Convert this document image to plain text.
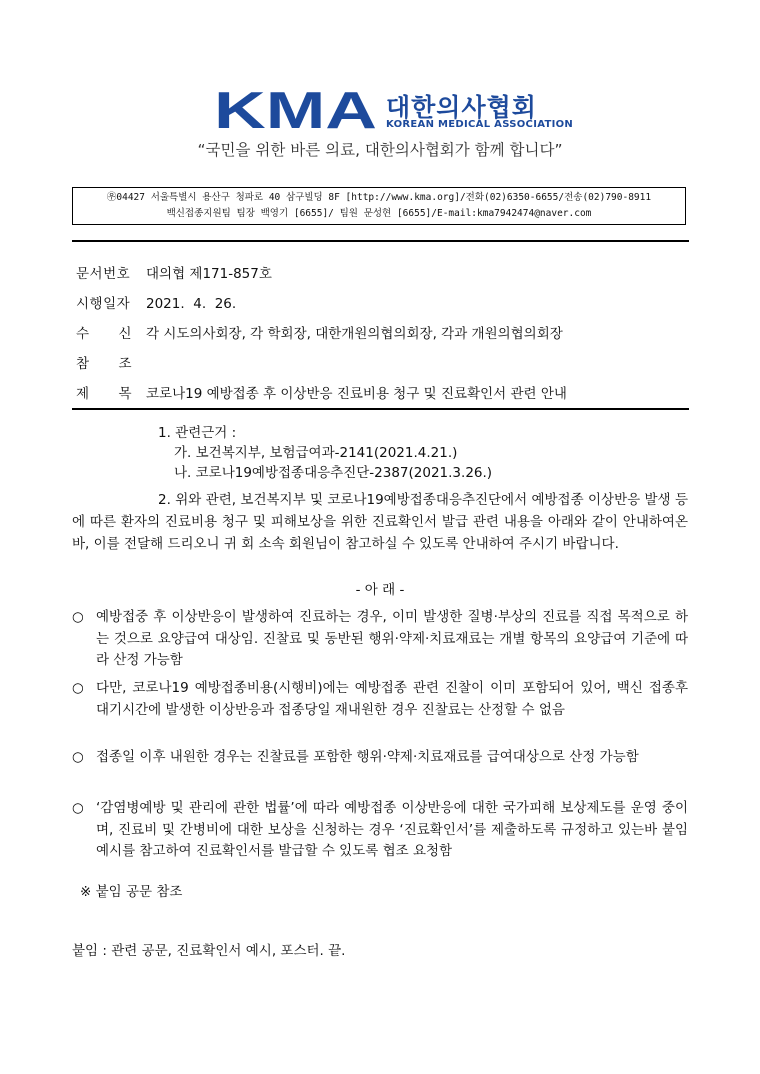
KMA 대한의사협회
KOREAN MEDICAL ASSOCIATION
“국민을 위한 바른 의료, 대한의사협회가 함께 합니다”
㉾04427 서울특별시 용산구 청파로 40 삼구빌딩 8F [http://www.kma.org]/전화(02)6350-6655/전송(02)790-8911
백신접종지원팀 팀장 백영기 [6655]/ 팀원 문성현 [6655]/E-mail:kma7942474@naver.com
문서번호 대의협 제171-857호
시행일자 2021.  4.  26.
수 신 각 시도의사회장, 각 학회장, 대한개원의협의회장, 각과 개원의협의회장
참 조
제 목 코로나19 예방접종 후 이상반응 진료비용 청구 및 진료확인서 관련 안내
1. 관련근거 :
가. 보건복지부, 보험급여과-2141(2021.4.21.)
나. 코로나19예방접종대응추진단-2387(2021.3.26.)
2. 위와 관련, 보건복지부 및 코로나19예방접종대응추진단에서 예방접종 이상반응 발생 등에 따른 환자의 진료비용 청구 및 피해보상을 위한 진료확인서 발급 관련 내용을 아래와 같이 안내하여온바, 이를 전달해 드리오니 귀 회 소속 회원님이 참고하실 수 있도록 안내하여 주시기 바랍니다.
- 아 래 -
○ 예방접중 후 이상반응이 발생하여 진료하는 경우, 이미 발생한 질병·부상의 진료를 직접 목적으로 하는 것으로 요양급여 대상임. 진찰료 및 동반된 행위·약제·치료재료는 개별 항목의 요양급여 기준에 따라 산정 가능함
○ 다만, 코로나19 예방접종비용(시행비)에는 예방접종 관련 진찰이 이미 포함되어 있어, 백신 접종후 대기시간에 발생한 이상반응과 접종당일 재내원한 경우 진찰료는 산정할 수 없음
○ 접종일 이후 내원한 경우는 진찰료를 포함한 행위·약제·치료재료를 급여대상으로 산정 가능함
○ ‘감염병예방 및 관리에 관한 법률’에 따라 예방접종 이상반응에 대한 국가피해 보상제도를 운영 중이며, 진료비 및 간병비에 대한 보상을 신청하는 경우 ‘진료확인서’를 제출하도록 규정하고 있는바 붙임 예시를 참고하여 진료확인서를 발급할 수 있도록 협조 요청함
※ 붙임 공문 참조
붙임 : 관련 공문, 진료확인서 예시, 포스터. 끝.
